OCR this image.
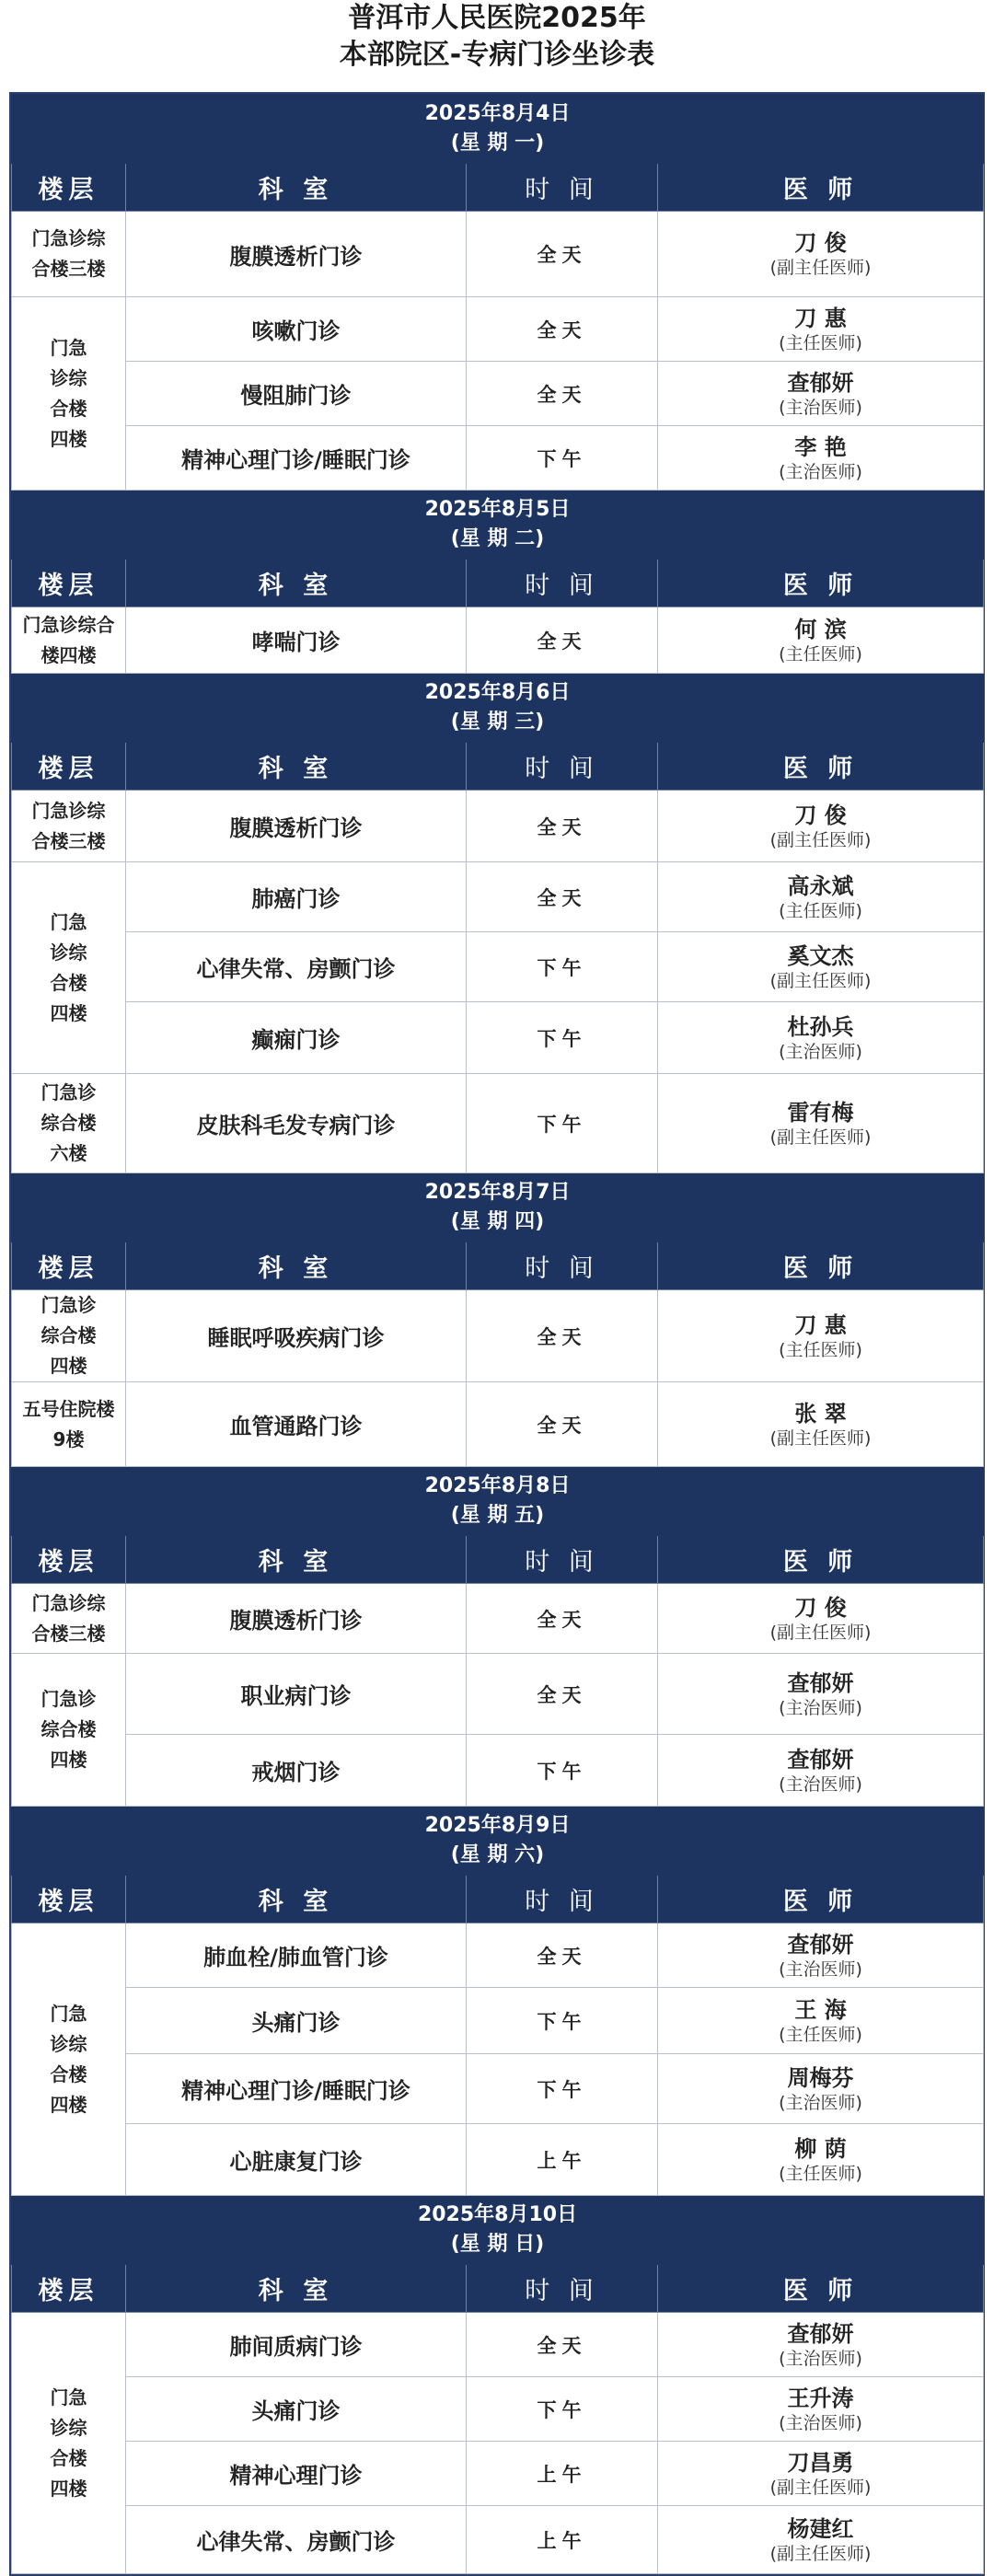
普洱市人民医院2025年
本部院区-专病门诊坐诊表
2025年8月4日
(星 期 一)			

楼层	科 室	时 间	医 师

门急诊综合楼三楼	腹膜透析门诊	全天	刀 俊
(副主任医师)

门急诊综合楼四楼	咳嗽门诊	全天	刀 惠
(主任医师)

	慢阻肺门诊	全天	查郁妍
(主治医师)

	精神心理门诊/睡眠门诊	下午	李 艳
(主治医师)

2025年8月5日
(星 期 二)			

楼层	科 室	时 间	医 师

门急诊综合楼四楼	哮喘门诊	全天	何 滨
(主任医师)

2025年8月6日
(星 期 三)			

楼层	科 室	时 间	医 师

门急诊综合楼三楼	腹膜透析门诊	全天	刀 俊
(副主任医师)

门急诊综合楼四楼	肺癌门诊	全天	高永斌
(主任医师)

	心律失常、房颤门诊	下午	奚文杰
(副主任医师)

	癫痫门诊	下午	杜孙兵
(主治医师)

门急诊综合楼六楼	皮肤科毛发专病门诊	下午	雷有梅
(副主任医师)

2025年8月7日
(星 期 四)			

楼层	科 室	时 间	医 师

门急诊综合楼四楼	睡眠呼吸疾病门诊	全天	刀 惠
(主任医师)

五号住院楼9楼	血管通路门诊	全天	张 翠
(副主任医师)

2025年8月8日
(星 期 五)			

楼层	科 室	时 间	医 师

门急诊综合楼三楼	腹膜透析门诊	全天	刀 俊
(副主任医师)

门急诊综合楼四楼	职业病门诊	全天	查郁妍
(主治医师)

	戒烟门诊	下午	查郁妍
(主治医师)

2025年8月9日
(星 期 六)			

楼层	科 室	时 间	医 师

门急诊综合楼四楼	肺血栓/肺血管门诊	全天	查郁妍
(主治医师)

	头痛门诊	下午	王 海
(主任医师)

	精神心理门诊/睡眠门诊	下午	周梅芬
(主治医师)

	心脏康复门诊	上午	柳 荫
(主任医师)

2025年8月10日
(星 期 日)			

楼层	科 室	时 间	医 师

门急诊综合楼四楼	肺间质病门诊	全天	查郁妍
(主治医师)

	头痛门诊	下午	王升涛
(主治医师)

	精神心理门诊	上午	刀昌勇
(副主任医师)

	心律失常、房颤门诊	上午	杨建红
(副主任医师)
